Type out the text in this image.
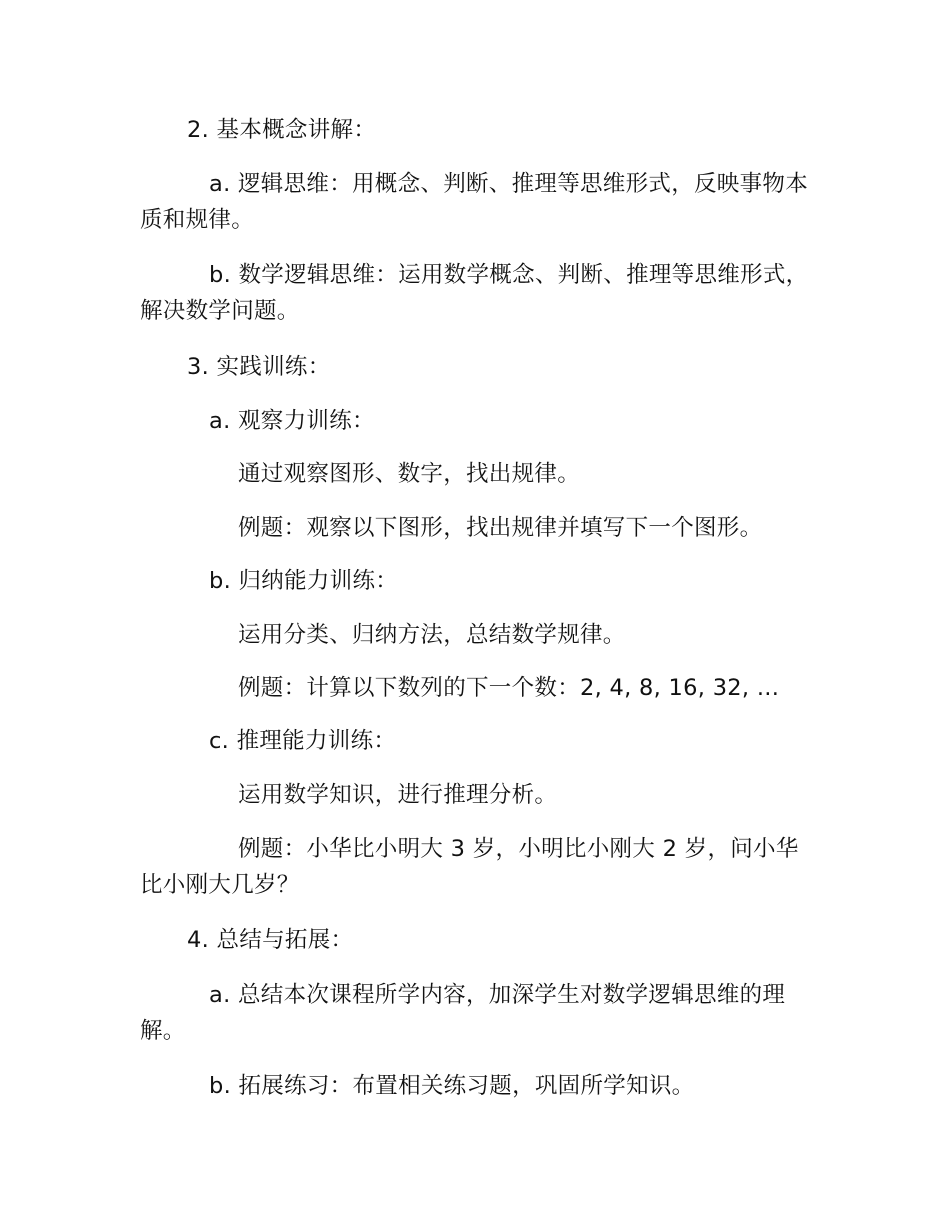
2. 基本概念讲解：
a. 逻辑思维：用概念、判断、推理等思维形式，反映事物本质和规律。
b. 数学逻辑思维：运用数学概念、判断、推理等思维形式，解决数学问题。
3. 实践训练：
a. 观察力训练：
通过观察图形、数字，找出规律。
例题：观察以下图形，找出规律并填写下一个图形。
b. 归纳能力训练：
运用分类、归纳方法，总结数学规律。
例题：计算以下数列的下一个数：2, 4, 8, 16, 32, ...
c. 推理能力训练：
运用数学知识，进行推理分析。
例题：小华比小明大 3 岁，小明比小刚大 2 岁，问小华比小刚大几岁？
4. 总结与拓展：
a. 总结本次课程所学内容，加深学生对数学逻辑思维的理解。
b. 拓展练习：布置相关练习题，巩固所学知识。
